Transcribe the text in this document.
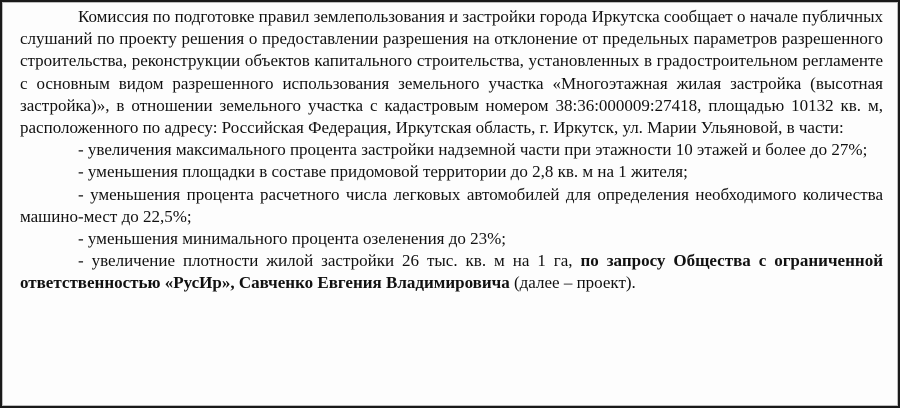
Комиссия по подготовке правил землепользования и застройки города Иркутска сообщает о начале публичных слушаний по проекту решения о предоставлении разрешения на отклонение от предельных параметров разрешенного строительства, реконструкции объектов капитального строительства, установленных в градостроительном регламенте с основным видом разрешенного использования земельного участка «Многоэтажная жилая застройка (высотная застройка)», в отношении земельного участка с кадастровым номером 38:36:000009:27418, площадью 10132 кв. м, расположенного по адресу: Российская Федерация, Иркутская область, г. Иркутск, ул. Марии Ульяновой, в части:

- увеличения максимального процента застройки надземной части при этажности 10 этажей и более до 27%;

- уменьшения площадки в составе придомовой территории до 2,8 кв. м на 1 жителя;

- уменьшения процента расчетного числа легковых автомобилей для определения необходимого количества машино-мест до 22,5%;

- уменьшения минимального процента озеленения до 23%;

- увеличение плотности жилой застройки 26 тыс. кв. м на 1 га, по запросу Общества с ограниченной ответственностью «РусИр», Савченко Евгения Владимировича (далее – проект).
